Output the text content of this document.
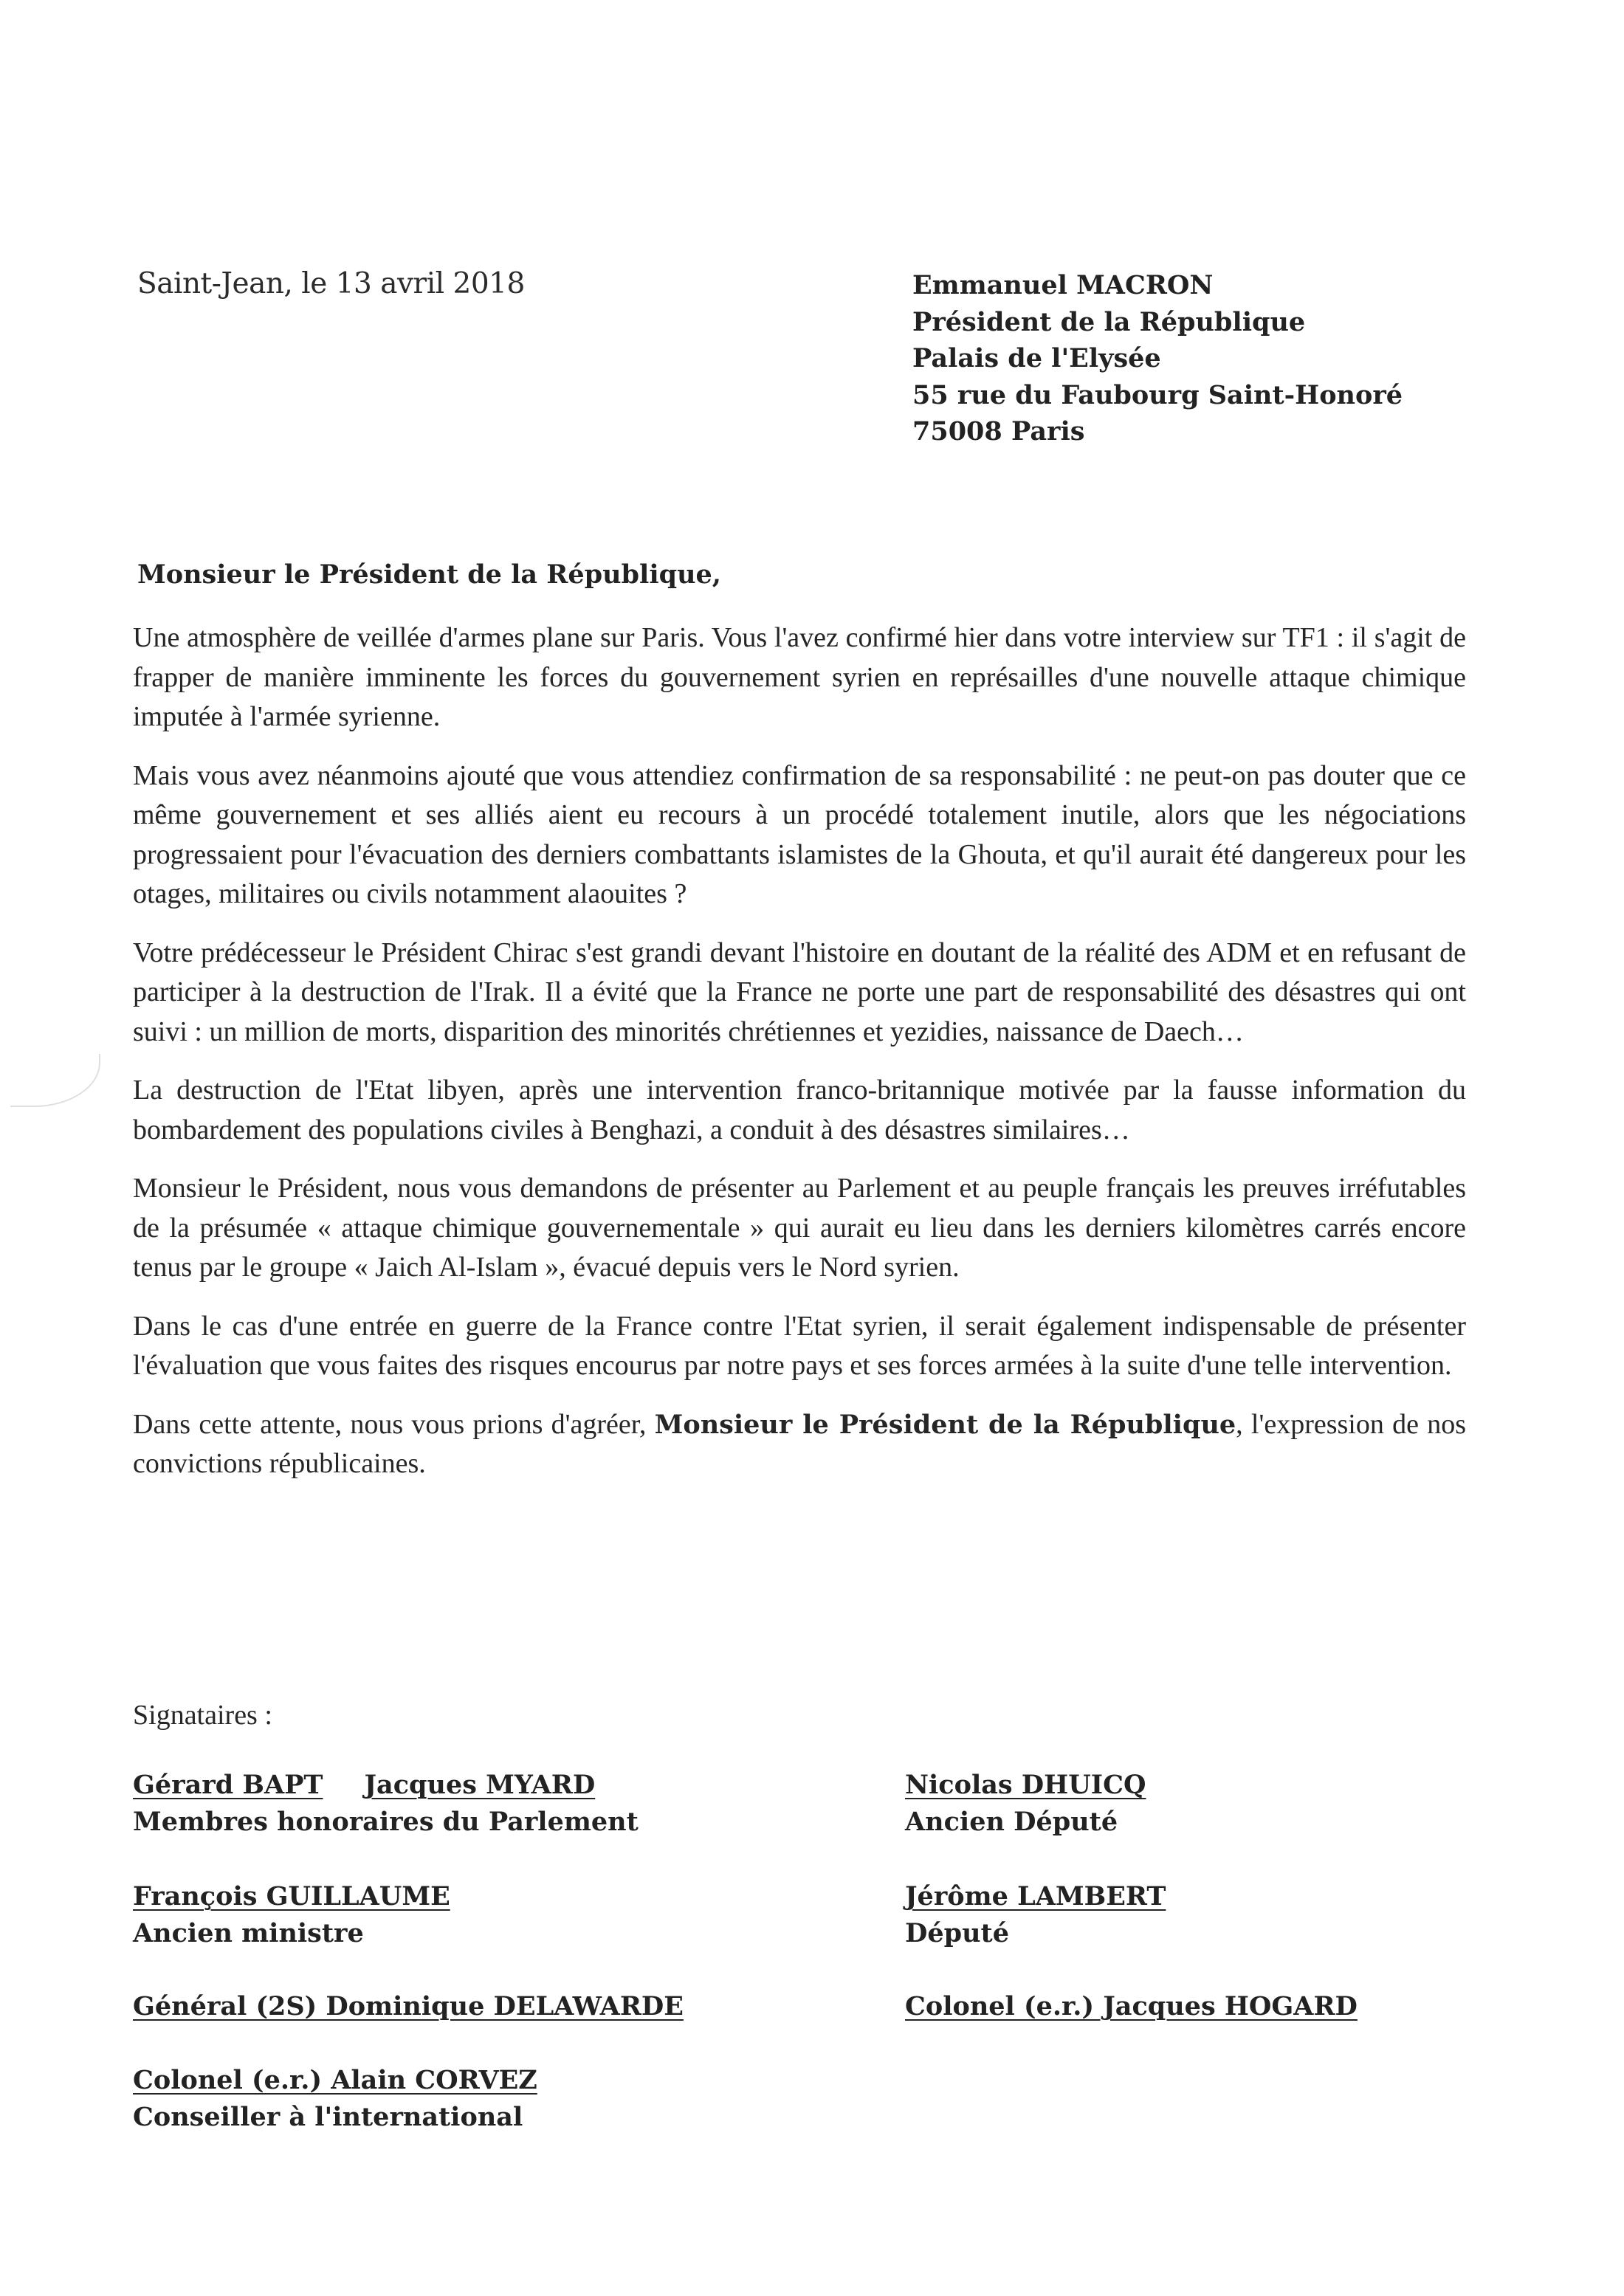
Saint-Jean, le 13 avril 2018	Emmanuel MACRON
Président de la République
Palais de l'Elysée
55 rue du Faubourg Saint-Honoré
75008 Paris
Monsieur le Président de la République,

Une atmosphère de veillée d'armes plane sur Paris. Vous l'avez confirmé hier dans votre interview sur TF1 : il s'agit de frapper de manière imminente les forces du gouvernement syrien en représailles d'une nouvelle attaque chimique imputée à l'armée syrienne.

Mais vous avez néanmoins ajouté que vous attendiez confirmation de sa responsabilité : ne peut-on pas douter que ce même gouvernement et ses alliés aient eu recours à un procédé totalement inutile, alors que les négociations progressaient pour l'évacuation des derniers combattants islamistes de la Ghouta, et qu'il aurait été dangereux pour les otages, militaires ou civils notamment alaouites ?

Votre prédécesseur le Président Chirac s'est grandi devant l'histoire en doutant de la réalité des ADM et en refusant de participer à la destruction de l'Irak. Il a évité que la France ne porte une part de responsabilité des désastres qui ont suivi : un million de morts, disparition des minorités chrétiennes et yezidies, naissance de Daech…

La destruction de l'Etat libyen, après une intervention franco-britannique motivée par la fausse information du bombardement des populations civiles à Benghazi, a conduit à des désastres similaires…

Monsieur le Président, nous vous demandons de présenter au Parlement et au peuple français les preuves irréfutables de la présumée « attaque chimique gouvernementale » qui aurait eu lieu dans les derniers kilomètres carrés encore tenus par le groupe « Jaich Al-Islam », évacué depuis vers le Nord syrien.

Dans le cas d'une entrée en guerre de la France contre l'Etat syrien, il serait également indispensable de présenter l'évaluation que vous faites des risques encourus par notre pays et ses forces armées à la suite d'une telle intervention.

Dans cette attente, nous vous prions d'agréer, Monsieur le Président de la République, l'expression de nos convictions républicaines.

Signataires :
Gérard BAPT Jacques MYARD
Membres honoraires du Parlement
François GUILLAUME
Ancien ministre
Général (2S) Dominique DELAWARDE
Colonel (e.r.) Alain CORVEZ
Conseiller à l'international
Nicolas DHUICQ
Ancien Député
Jérôme LAMBERT
Député
Colonel (e.r.) Jacques HOGARD
